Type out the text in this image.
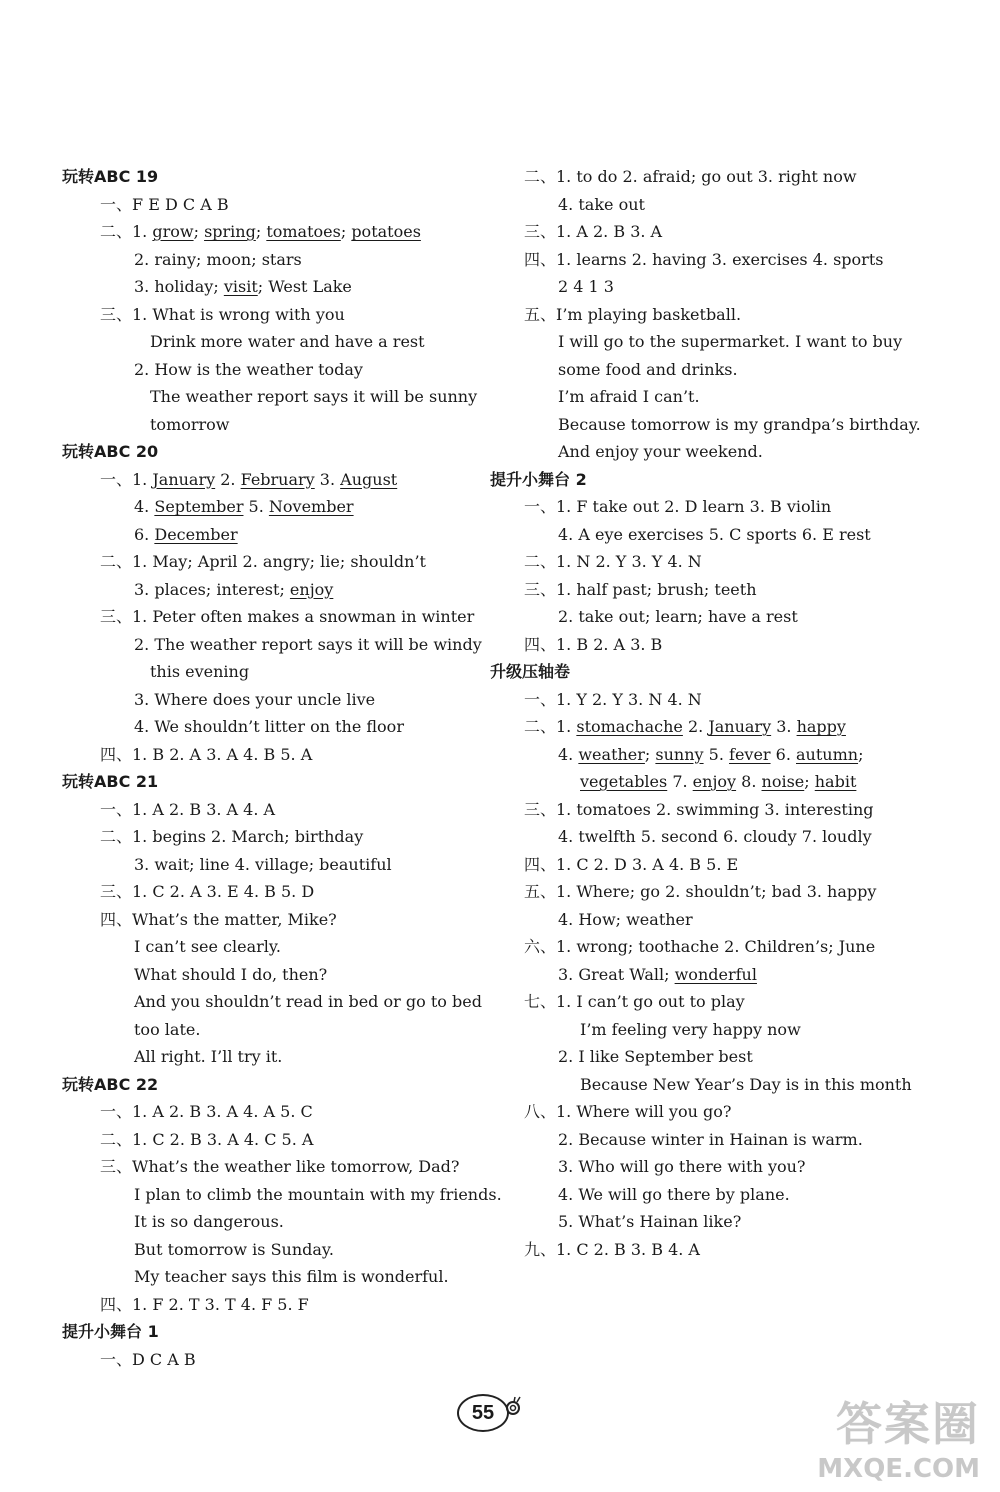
玩转ABC 19
一、F E D C A B
二、1. grow; spring; tomatoes; potatoes
2. rainy; moon; stars
3. holiday; visit; West Lake
三、1. What is wrong with you
Drink more water and have a rest
2. How is the weather today
The weather report says it will be sunny
tomorrow
玩转ABC 20
一、1. January 2. February 3. August
4. September 5. November
6. December
二、1. May; April 2. angry; lie; shouldn’t
3. places; interest; enjoy
三、1. Peter often makes a snowman in winter
2. The weather report says it will be windy
this evening
3. Where does your uncle live
4. We shouldn’t litter on the floor
四、1. B 2. A 3. A 4. B 5. A
玩转ABC 21
一、1. A 2. B 3. A 4. A
二、1. begins 2. March; birthday
3. wait; line 4. village; beautiful
三、1. C 2. A 3. E 4. B 5. D
四、What’s the matter, Mike?
I can’t see clearly.
What should I do, then?
And you shouldn’t read in bed or go to bed
too late.
All right. I’ll try it.
玩转ABC 22
一、1. A 2. B 3. A 4. A 5. C
二、1. C 2. B 3. A 4. C 5. A
三、What’s the weather like tomorrow, Dad?
I plan to climb the mountain with my friends.
It is so dangerous.
But tomorrow is Sunday.
My teacher says this film is wonderful.
四、1. F 2. T 3. T 4. F 5. F
提升小舞台 1
一、D C A B
二、1. to do 2. afraid; go out 3. right now
4. take out
三、1. A 2. B 3. A
四、1. learns 2. having 3. exercises 4. sports
2 4 1 3
五、I’m playing basketball.
I will go to the supermarket. I want to buy
some food and drinks.
I’m afraid I can’t.
Because tomorrow is my grandpa’s birthday.
And enjoy your weekend.
提升小舞台 2
一、1. F take out 2. D learn 3. B violin
4. A eye exercises 5. C sports 6. E rest
二、1. N 2. Y 3. Y 4. N
三、1. half past; brush; teeth
2. take out; learn; have a rest
四、1. B 2. A 3. B
升级压轴卷
一、1. Y 2. Y 3. N 4. N
二、1. stomachache 2. January 3. happy
4. weather; sunny 5. fever 6. autumn;
vegetables 7. enjoy 8. noise; habit
三、1. tomatoes 2. swimming 3. interesting
4. twelfth 5. second 6. cloudy 7. loudly
四、1. C 2. D 3. A 4. B 5. E
五、1. Where; go 2. shouldn’t; bad 3. happy
4. How; weather
六、1. wrong; toothache 2. Children’s; June
3. Great Wall; wonderful
七、1. I can’t go out to play
I’m feeling very happy now
2. I like September best
Because New Year’s Day is in this month
八、1. Where will you go?
2. Because winter in Hainan is warm.
3. Who will go there with you?
4. We will go there by plane.
5. What’s Hainan like?
九、1. C 2. B 3. B 4. A
55	答案圈
MXQE.COM
